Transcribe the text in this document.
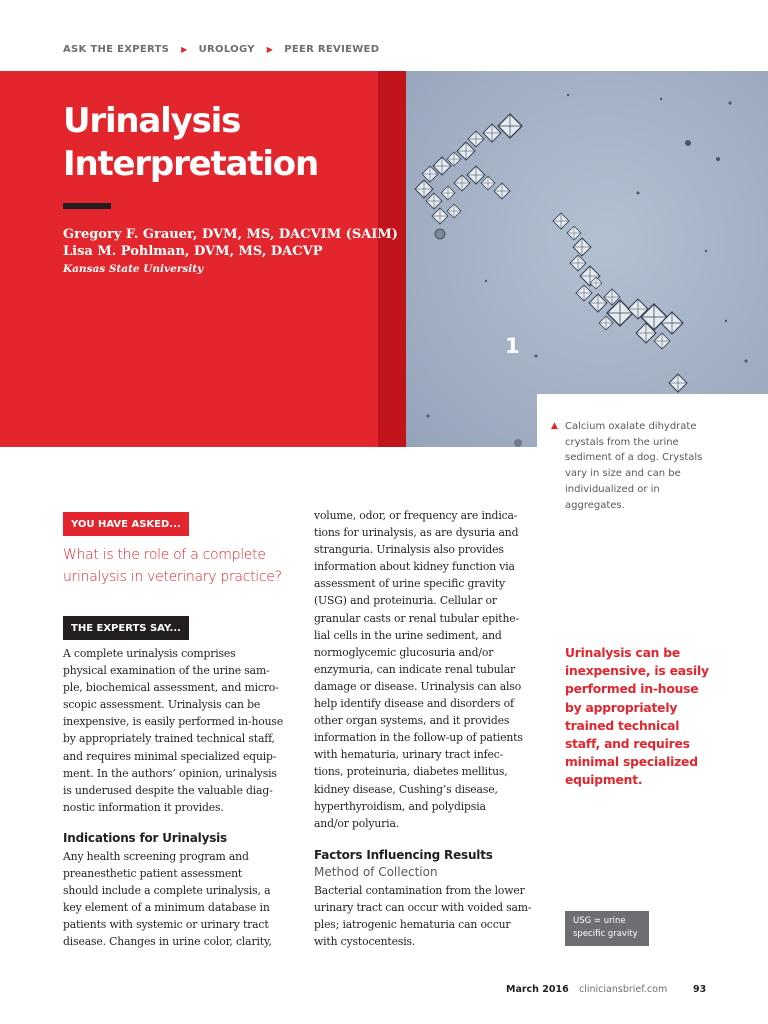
ASK THE EXPERTS ▶ UROLOGY ▶ PEER REVIEWED
Urinalysis
Interpretation
Gregory F. Grauer, DVM, MS, DACVIM (SAIM)
Lisa M. Pohlman, DVM, MS, DACVP
Kansas State University
1
▲ Calcium oxalate dihydrate crystals from the urine sediment of a dog. Crystals vary in size and can be individualized or in aggregates.
YOU HAVE ASKED...
What is the role of a complete urinalysis in veterinary practice?
THE EXPERTS SAY...
A complete urinalysis comprises
physical examination of the urine sam-
ple, biochemical assessment, and micro-
scopic assessment. Urinalysis can be
inexpensive, is easily performed in-house
by appropriately trained technical staff,
and requires minimal specialized equip-
ment. In the authors’ opinion, urinalysis
is underused despite the valuable diag-
nostic information it provides.
Indications for Urinalysis
Any health screening program and
preanesthetic patient assessment
should include a complete urinalysis, a
key element of a minimum database in
patients with systemic or urinary tract
disease. Changes in urine color, clarity,
volume, odor, or frequency are indica-
tions for urinalysis, as are dysuria and
stranguria. Urinalysis also provides
information about kidney function via
assessment of urine specific gravity
(USG) and proteinuria. Cellular or
granular casts or renal tubular epithe-
lial cells in the urine sediment, and
normoglycemic glucosuria and/or
enzymuria, can indicate renal tubular
damage or disease. Urinalysis can also
help identify disease and disorders of
other organ systems, and it provides
information in the follow-up of patients
with hematuria, urinary tract infec-
tions, proteinuria, diabetes mellitus,
kidney disease, Cushing’s disease,
hyperthyroidism, and polydipsia
and/or polyuria.
Factors Influencing Results
Method of Collection
Bacterial contamination from the lower
urinary tract can occur with voided sam-
ples; iatrogenic hematuria can occur
with cystocentesis.
Urinalysis can be inexpensive, is easily performed in-house by appropriately trained technical staff, and requires minimal specialized equipment.
USG = urine
specific gravity
March 2016 cliniciansbrief.com	93
